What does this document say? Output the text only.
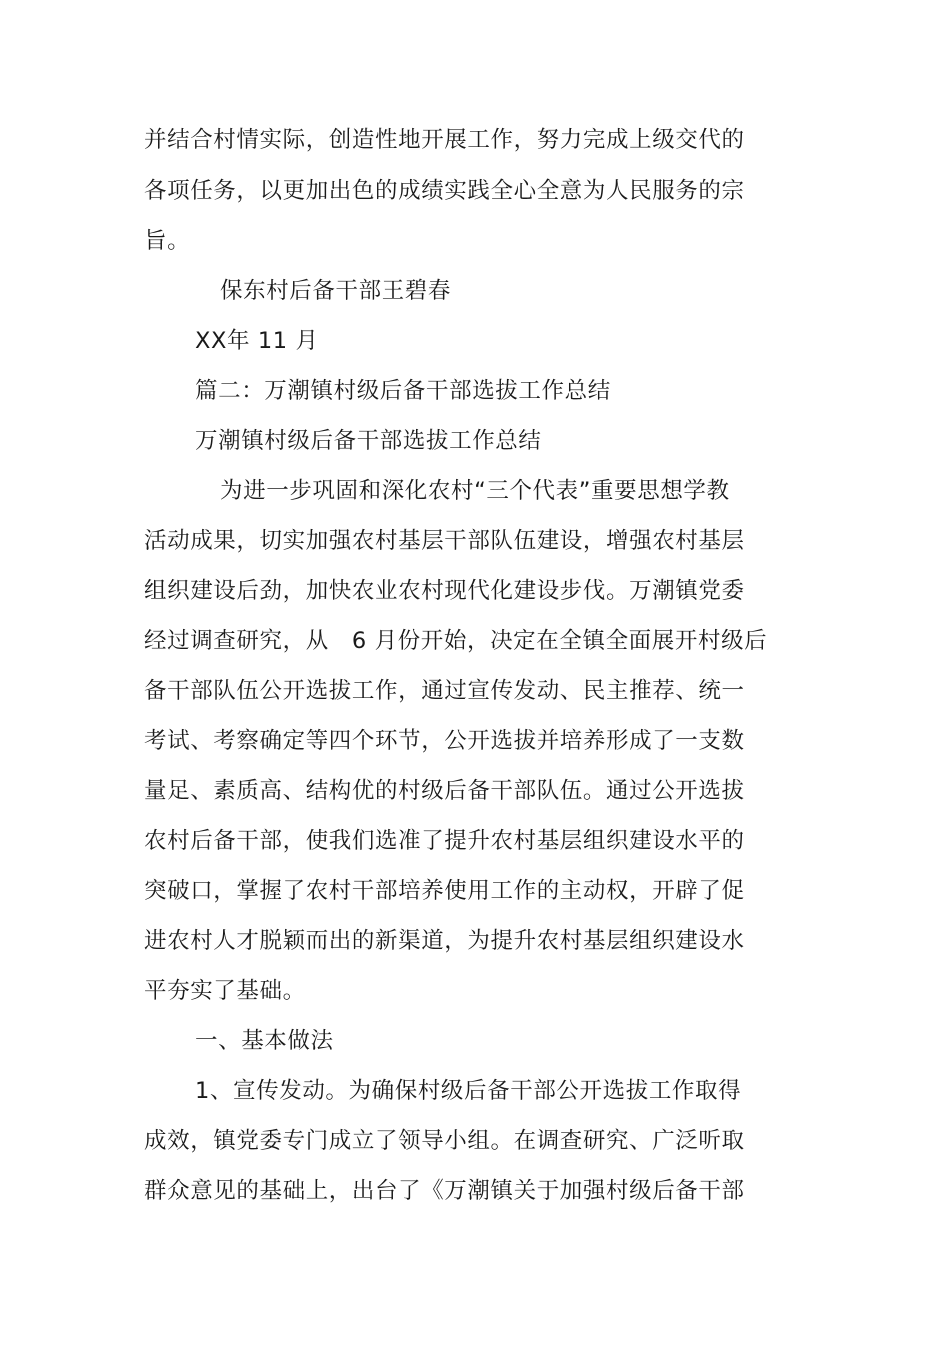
并结合村情实际，创造性地开展工作，努力完成上级交代的
各项任务，以更加出色的成绩实践全心全意为人民服务的宗
旨。
保东村后备干部王碧春
XX年 11 月
篇二：万潮镇村级后备干部选拔工作总结
万潮镇村级后备干部选拔工作总结
为进一步巩固和深化农村“三个代表”重要思想学教
活动成果，切实加强农村基层干部队伍建设，增强农村基层
组织建设后劲，加快农业农村现代化建设步伐。万潮镇党委
经过调查研究，从　6 月份开始，决定在全镇全面展开村级后
备干部队伍公开选拔工作，通过宣传发动、民主推荐、统一
考试、考察确定等四个环节，公开选拔并培养形成了一支数
量足、素质高、结构优的村级后备干部队伍。通过公开选拔
农村后备干部，使我们选准了提升农村基层组织建设水平的
突破口，掌握了农村干部培养使用工作的主动权，开辟了促
进农村人才脱颖而出的新渠道，为提升农村基层组织建设水
平夯实了基础。
一、基本做法
1、宣传发动。为确保村级后备干部公开选拔工作取得
成效，镇党委专门成立了领导小组。在调查研究、广泛听取
群众意见的基础上，出台了《万潮镇关于加强村级后备干部
